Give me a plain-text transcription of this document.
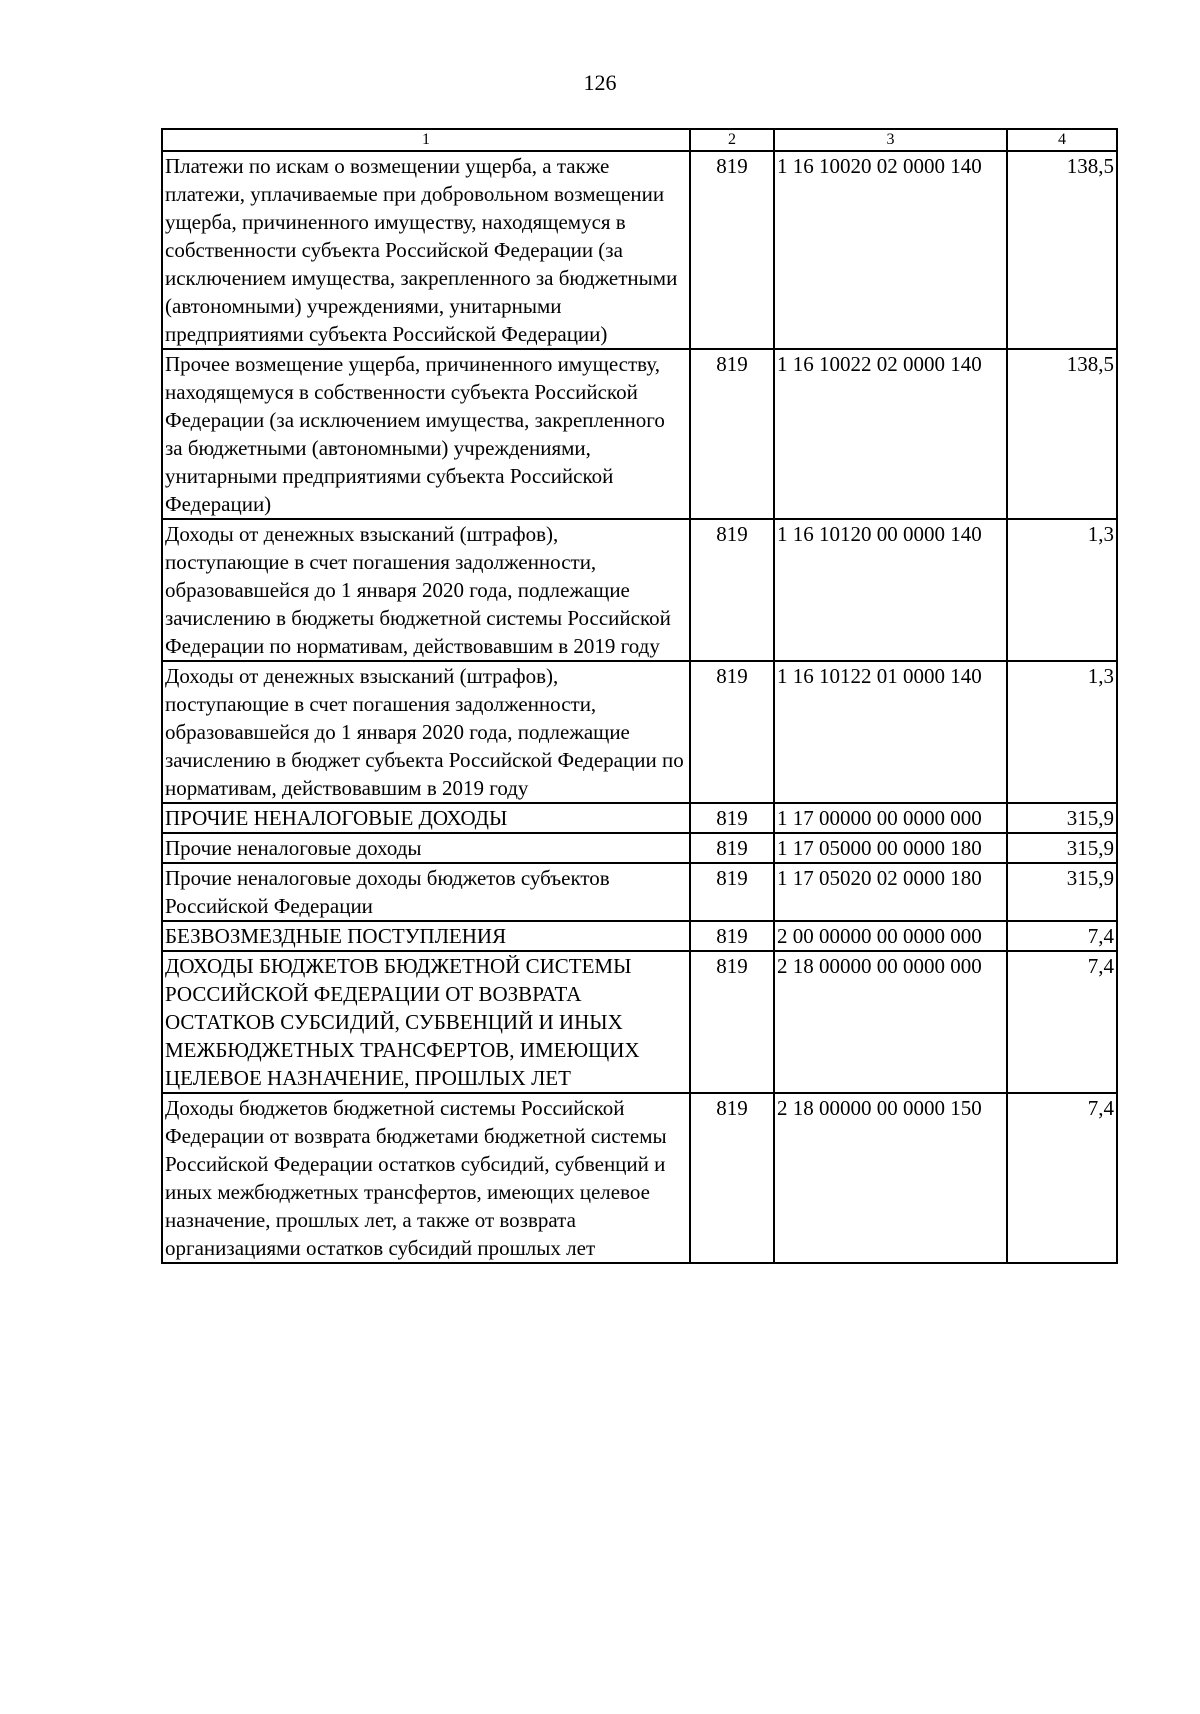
126
1	2	3	4
Платежи по искам о возмещении ущерба, а также платежи, уплачиваемые при добровольном возмещении ущерба, причиненного имуществу, находящемуся в собственности субъекта Российской Федерации (за исключением имущества, закрепленного за бюджетными (автономными) учреждениями, унитарными предприятиями субъекта Российской Федерации)	819	1 16 10020 02 0000 140	138,5
Прочее возмещение ущерба, причиненного имуществу, находящемуся в собственности субъекта Российской Федерации (за исключением имущества, закрепленного за бюджетными (автономными) учреждениями, унитарными предприятиями субъекта Российской Федерации)	819	1 16 10022 02 0000 140	138,5
Доходы от денежных взысканий (штрафов), поступающие в счет погашения задолженности, образовавшейся до 1 января 2020 года, подлежащие зачислению в бюджеты бюджетной системы Российской Федерации по нормативам, действовавшим в 2019 году	819	1 16 10120 00 0000 140	1,3
Доходы от денежных взысканий (штрафов), поступающие в счет погашения задолженности, образовавшейся до 1 января 2020 года, подлежащие зачислению в бюджет субъекта Российской Федерации по нормативам, действовавшим в 2019 году	819	1 16 10122 01 0000 140	1,3
ПРОЧИЕ НЕНАЛОГОВЫЕ ДОХОДЫ	819	1 17 00000 00 0000 000	315,9
Прочие неналоговые доходы	819	1 17 05000 00 0000 180	315,9
Прочие неналоговые доходы бюджетов субъектов Российской Федерации	819	1 17 05020 02 0000 180	315,9
БЕЗВОЗМЕЗДНЫЕ ПОСТУПЛЕНИЯ	819	2 00 00000 00 0000 000	7,4
ДОХОДЫ БЮДЖЕТОВ БЮДЖЕТНОЙ СИСТЕМЫ РОССИЙСКОЙ ФЕДЕРАЦИИ ОТ ВОЗВРАТА ОСТАТКОВ СУБСИДИЙ, СУБВЕНЦИЙ И ИНЫХ МЕЖБЮДЖЕТНЫХ ТРАНСФЕРТОВ, ИМЕЮЩИХ ЦЕЛЕВОЕ НАЗНАЧЕНИЕ, ПРОШЛЫХ ЛЕТ	819	2 18 00000 00 0000 000	7,4
Доходы бюджетов бюджетной системы Российской Федерации от возврата бюджетами бюджетной системы Российской Федерации остатков субсидий, субвенций и иных межбюджетных трансфертов, имеющих целевое назначение, прошлых лет, а также от возврата организациями остатков субсидий прошлых лет	819	2 18 00000 00 0000 150	7,4
